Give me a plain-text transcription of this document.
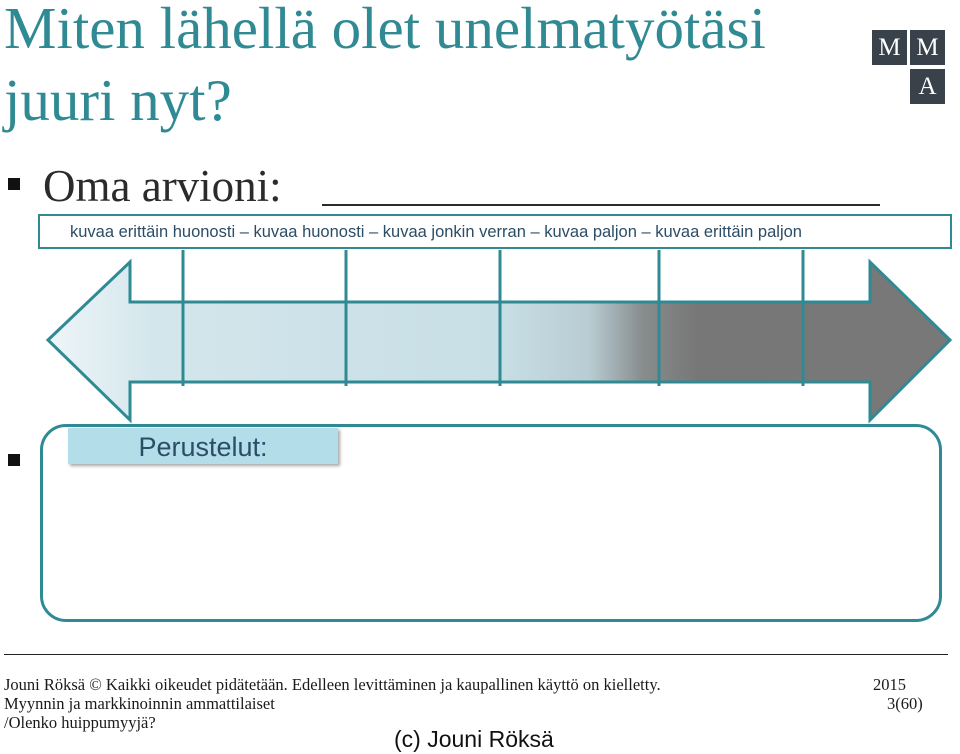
Miten lähellä olet unelmatyötäsi juuri nyt?
M M
A
Oma arvioni:
kuvaa erittäin huonosti – kuvaa huonosti – kuvaa jonkin verran – kuvaa paljon – kuvaa erittäin paljon
Perustelut:
Jouni Röksä © Kaikki oikeudet pidätetään. Edelleen levittäminen ja kaupallinen käyttö on kielletty.	2015
Myynnin ja markkinoinnin ammattilaiset	3(60)
/Olenko huippumyyjä?
(c) Jouni Röksä
